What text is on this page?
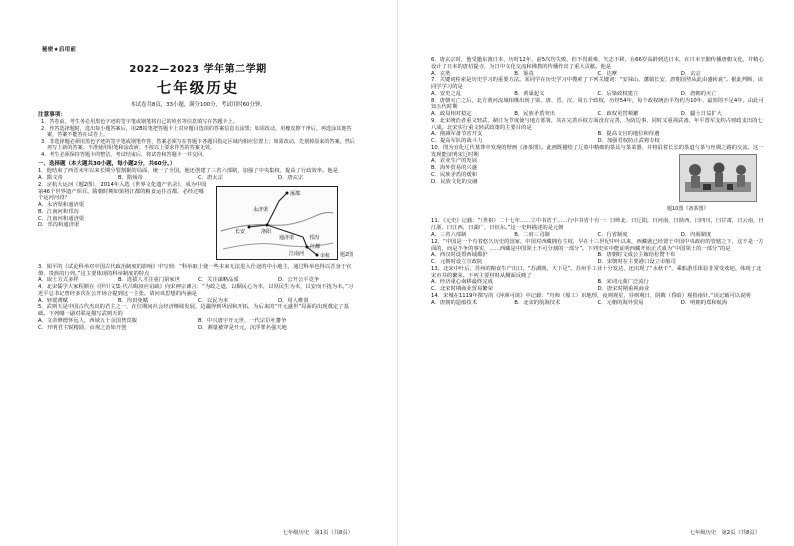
秘密★启用前
2022—2023 学年第二学期
七年级历史
本试卷共8页，33小题，满分100分，考试用时60分钟。
注意事项：

1．答卷前，考生务必用黑色字迹的签字笔或钢笔将自己的姓名等信息填写在答题卡上。

2．作答选择题时，选出每小题答案后，用2B铅笔把答题卡上对应题目选项的答案信息点涂黑；如需改动，用橡皮擦干净后，再选涂其他答案，答案不能答在试卷上。

3．非选择题必须用黑色字迹的签字笔或钢笔作答，答案必须写在答题卡各题目指定区域内相应位置上；如需改动，先划掉原来的答案，然后再写上新的答案；不准使用铅笔和涂改液。不按以上要求作答的答案无效。

4．考生必须保持答题卡的整洁。考试结束后，将试卷和答题卡一并交回。

一、选择题（本大题共30小题，每小题2分，共60分。）

1．他结束了西晋末年以来长期分裂割据的局面，统一了全国。他还创建了三省六部制，加强了中央集权，提高了行政效率。他是

A．隋文帝	B．隋炀帝	C．唐太宗	D．唐玄宗

2．京杭大运河（题2图），2014年入选《世界文化遗产名录》，成为中国第46个世界遗产项目。隋朝时期如果将江都的粮食运往首都，必经过哪个运河河段？

A．永济渠和通济渠
B．江南河和邗沟
C．江南河和通济渠
D．邗沟和通济渠
涿郡
永济渠
长安	洛阳
通济渠	邗沟
江都
江南河	余杭 题2图

3．娟平的《试论科举对中国古代政治制度的影响》中写到：“科举取士使一些本来无法进入仕途的中小地主，通过科举也得以晋身于官僚、贵族的行列。”这主要体现的科举制度的特点

A．取士方式多样	B．选拔人才注重门第家世	C．关注谋略品质	D．公开公平竞争

4．北宋儒学大家程颢在《伊川文集·代吕晦叔应诏疏》向宋神宗谏言：“为政之道，以顺民心为本，以厚民生为本，以安而不扰为本。”习近平总书记曾经多次在公开场合提到这一主张。请问该思想的内涵是

A．轻徭薄赋	B．均田免赋	C．以民为本	D．用人唯贤

5．武则天是中国古代杰出的君主之一，在位期间社会经济继续发展，边疆得到巩固和开拓，为后来的“开元盛世”局面的出现奠定了基础。下列哪一副对联是描写武则天的

A．文帝修德怀远人，西域五十余国皆宾服	B．中兴唐宇开元世，一代宗臣吐蕃争
C．开明君主锐精励，贞观之治始开创	D．测量被穿是开元，沉浮罪名强天地
七年级历史　第1页（共8页）

6．唐玄宗时，他受邀东渡日本，历时12年，前5次均失败，但不畏艰难，矢志不移，在66岁高龄到达日本，在日本辛勤传播唐朝文化，并精心设计了日本的唐招提寺，为日中文化交流和佛教的传播作出了重大贡献。他是

A．玄奘	B．鉴真	C．达摩	D．玄宗

7．关键词检索是历史学习的重要方法。某同学在历史学习中搜索了下列关键词：“安禄山、藩镇长安、唐朝国势从此由盛转衰”。据此判断，该同学学习的是

A．安史之乱	B．黄巢起义	C．后梁政权建立	D．唐朝的灭亡

8．唐朝灭亡之后，北方黄河流域相继出现了梁、唐、晋、汉、周五个政权，历经54年，每个政权统治平均约为10年，最短的不足4年。由此可知五代时期

A．政局相对稳定	B．民族矛盾突出	C．政权更替频繁	D．疆土日益扩大

9．北宋统治者重文轻武，制订为节度使与地方部署，其在完善兵权方面没有完善，为防边事，同时又重视武备，年平置军支约占财政支出的七八成。北宋实行重文轻武政策的主要目的是

A．削减军备节省开支	B．提高文官的地位和待遇
C．提高军队的战斗力	D．加强君权防止武将专权

10．图为宜化辽代墓葬中发现的壁画《备茶图》。此画既描绘了辽墓中精细的茶具与茶菜器，并将沿着长长的茶道与茶与丝绸之路的交流。这一发现能证明宋辽时期

A．农业生产的发展
B．海外贸易的兴盛
C．民族矛盾的缓和
D．民族文化的交融
题10图《备茶图》

11．《元史》记载：“（世祖）二十七年……立中书省于……行中书省十有一：曰岭北、曰辽阳，曰河南，曰陕西，曰四川，曰甘肃，曰云南，曰江浙，曰江西，曰湖广，曰征东。”这一史料描述的是元朝

A．三省六部制	B．二府三司制	C．行省制度	D．内阁制度

12．“中国是一个有着悠久历史的国家，中国对西藏拥有主权，早在十三世纪中叶以来，西藏就已经置于中国中央政府的管辖之下，这不是一方面的，而是不争的事实，……西藏是中国领土不可分割的一部分”。下列史实中能证明西藏开始正式成为“中国领土的一部分”的是

A．西汉时设置西域都护	B．唐朝时文成公主嫁给松赞干布
C．元朝时设立宣政院	D．宋朝时在主要港口设立市舶司

13．北宋中叶后，苏州的粮食生产出口，“苏湖熟，天下足”。苏州手工业十分发达，还出现了“水秋千”，乘船游乐体验非常受欢迎。体现了北宋市井的繁荣。下列主要材料从侧面反映了

A．经济重心南移最终完成	B．宋词元曲广泛流行
C．北宋时期商业贸易繁荣	D．唐宋时期重视商业

14．宋城在1119年撰写的《萍洲可谈》中记载：“舟师（船工）识地理，夜则观星，昼则观日，阴晦（昏暗）观指南针。”该记载可以说明

A．唐朝的造船技术	B．北宋的航海技术	C．元朝的海外贸易	D．明朝的郑和航海
七年级历史　第2页（共8页）
